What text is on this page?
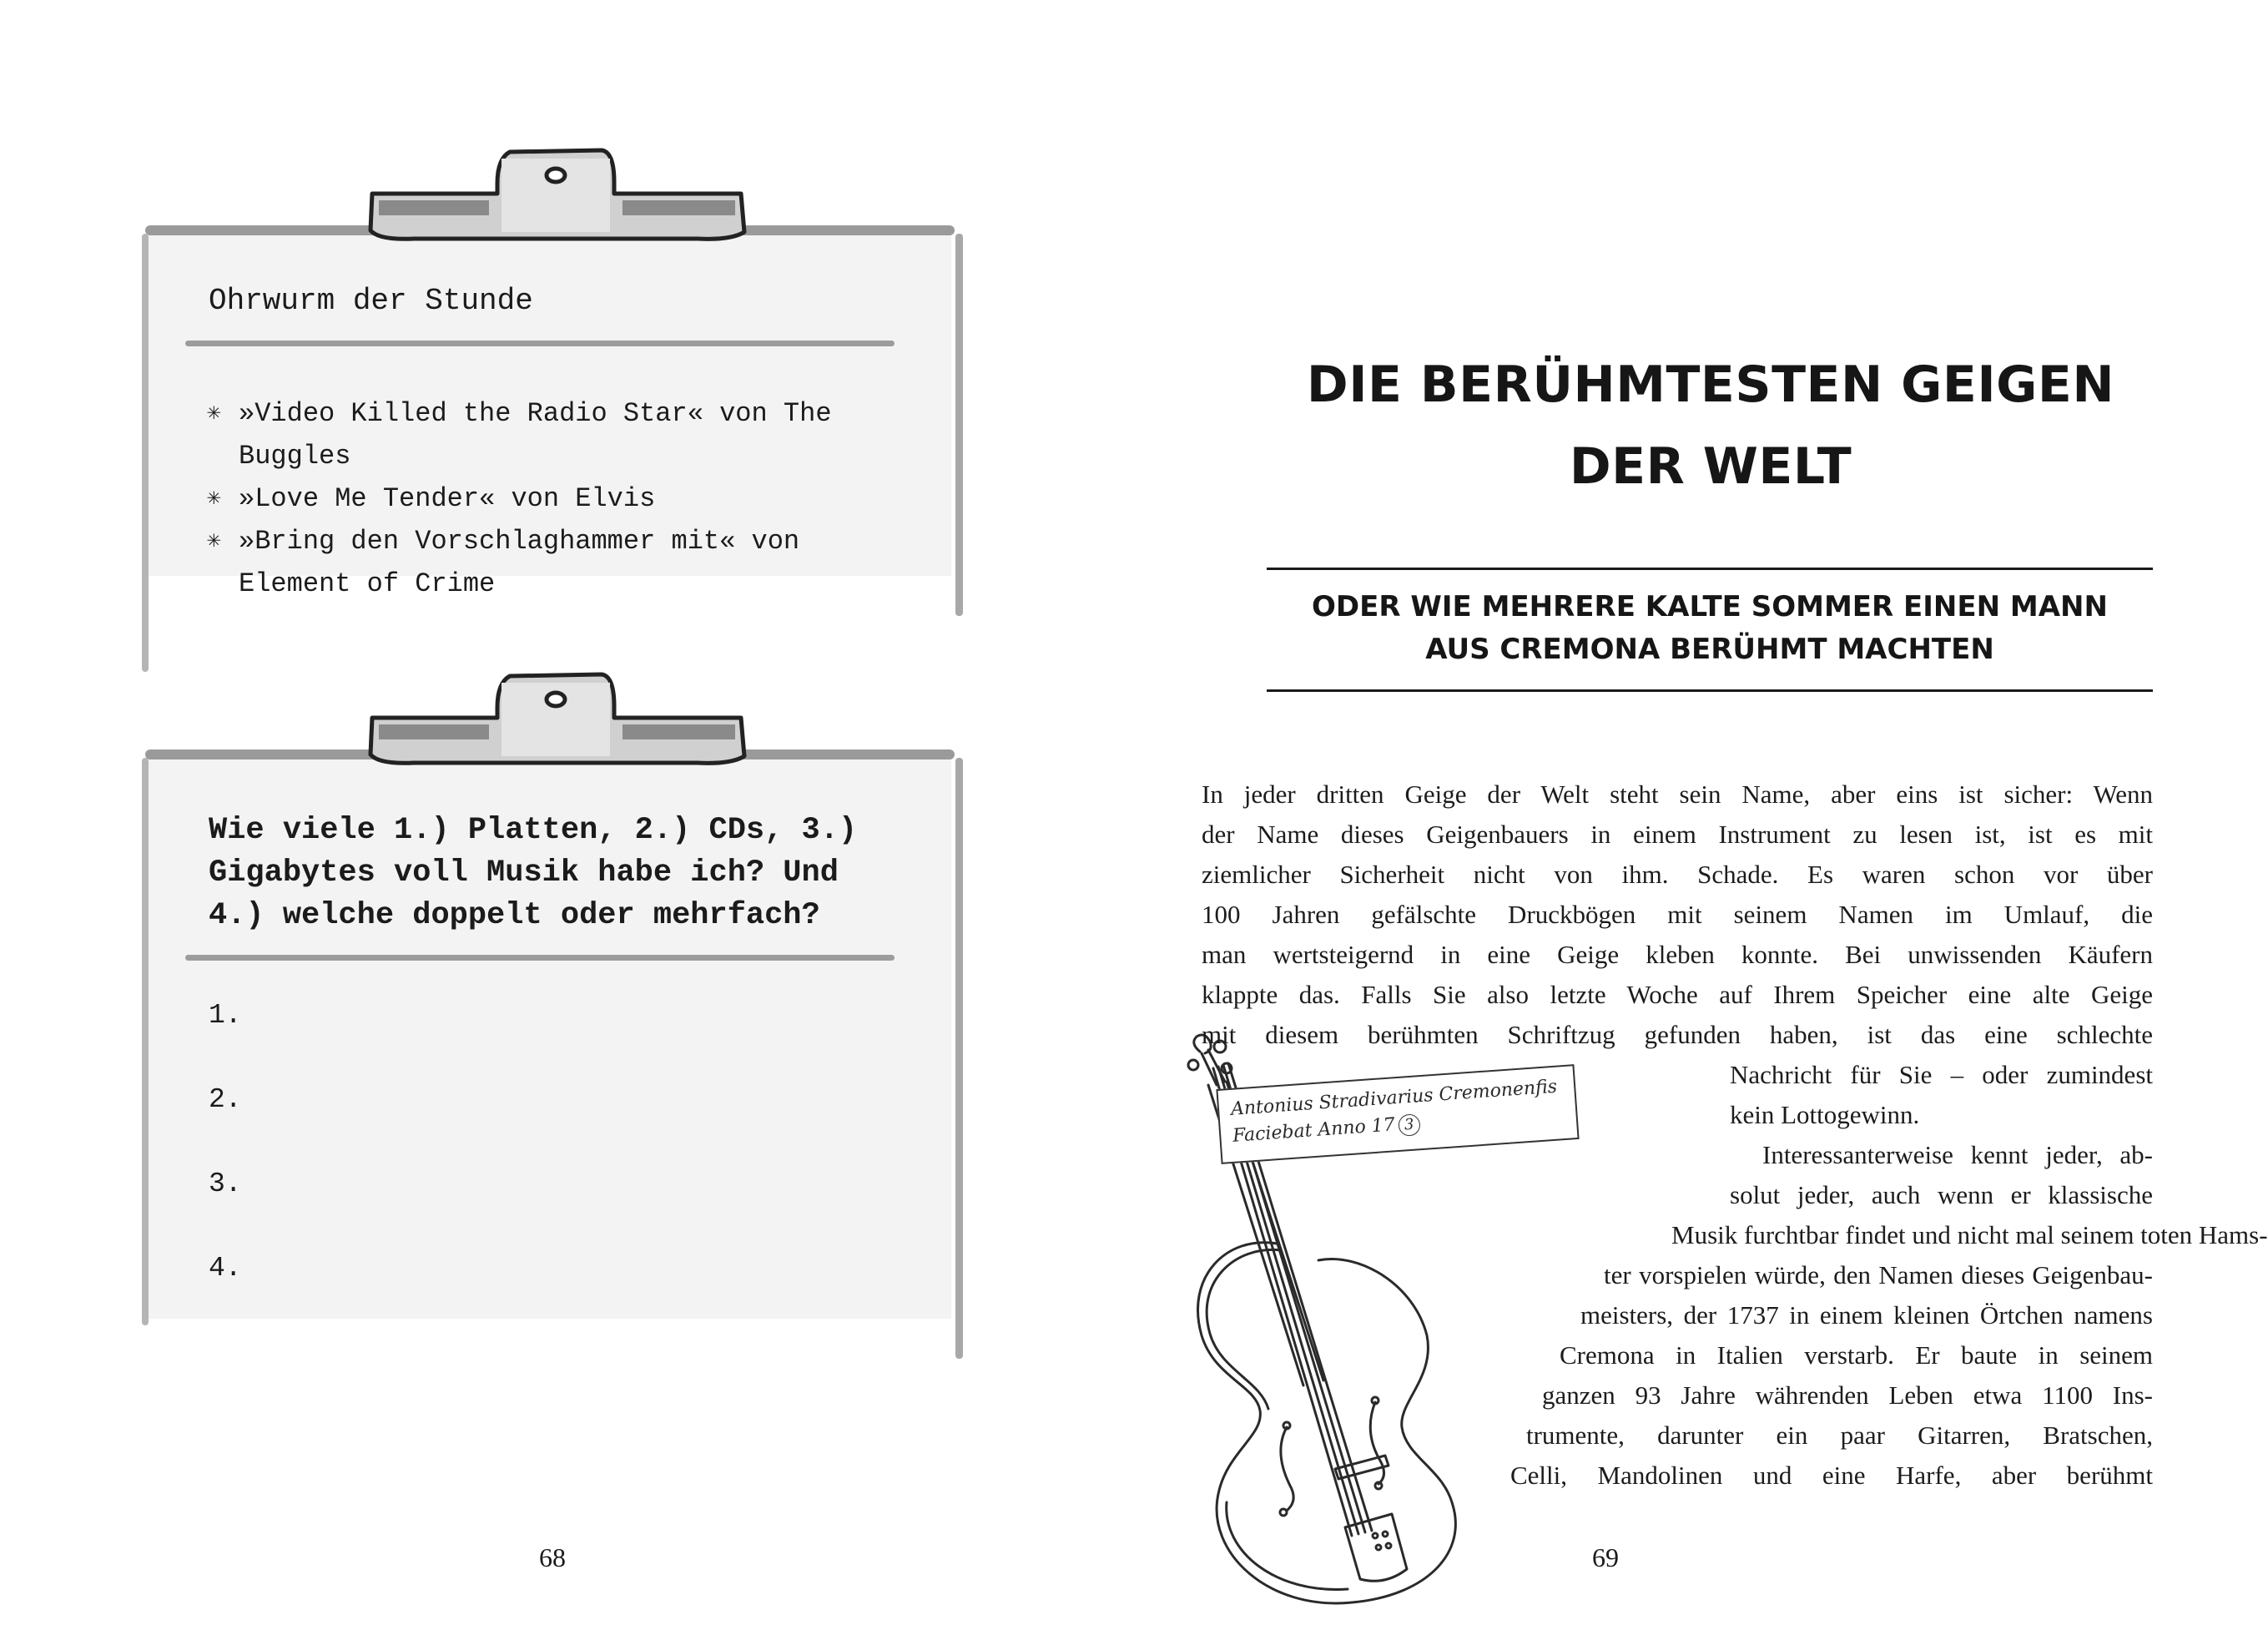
Ohrwurm der Stunde
✳ »Video Killed the Radio Star« von The Buggles
✳ »Love Me Tender« von Elvis
✳ »Bring den Vorschlaghammer mit« von Element of Crime
Wie viele 1.) Platten, 2.) CDs, 3.) Gigabytes voll Musik habe ich? Und 4.) welche doppelt oder mehrfach?
1.
2.
3.
4.
68
DIE BERÜHMTESTEN GEIGEN
DER WELT
ODER WIE MEHRERE KALTE SOMMER EINEN MANN
AUS CREMONA BERÜHMT MACHTEN
Antonius Stradivarius Cremonenfis
Faciebat Anno 17 3
In jeder dritten Geige der Welt steht sein Name, aber eins ist sicher: Wenn
der Name dieses Geigenbauers in einem Instrument zu lesen ist, ist es mit
ziemlicher Sicherheit nicht von ihm. Schade. Es waren schon vor über
100 Jahren gefälschte Druckbögen mit seinem Namen im Umlauf, die
man wertsteigernd in eine Geige kleben konnte. Bei unwissenden Käufern
klappte das. Falls Sie also letzte Woche auf Ihrem Speicher eine alte Geige
mit diesem berühmten Schriftzug gefunden haben, ist das eine schlechte
Nachricht für Sie – oder zumindest
kein Lottogewinn.
Interessanterweise kennt jeder, ab-
solut jeder, auch wenn er klassische
Musik furchtbar findet und nicht mal seinem toten Hams-
ter vorspielen würde, den Namen dieses Geigenbau-
meisters, der 1737 in einem kleinen Örtchen namens
Cremona in Italien verstarb. Er baute in seinem
ganzen 93 Jahre währenden Leben etwa 1100 Ins-
trumente, darunter ein paar Gitarren, Bratschen,
Celli, Mandolinen und eine Harfe, aber berühmt
69
